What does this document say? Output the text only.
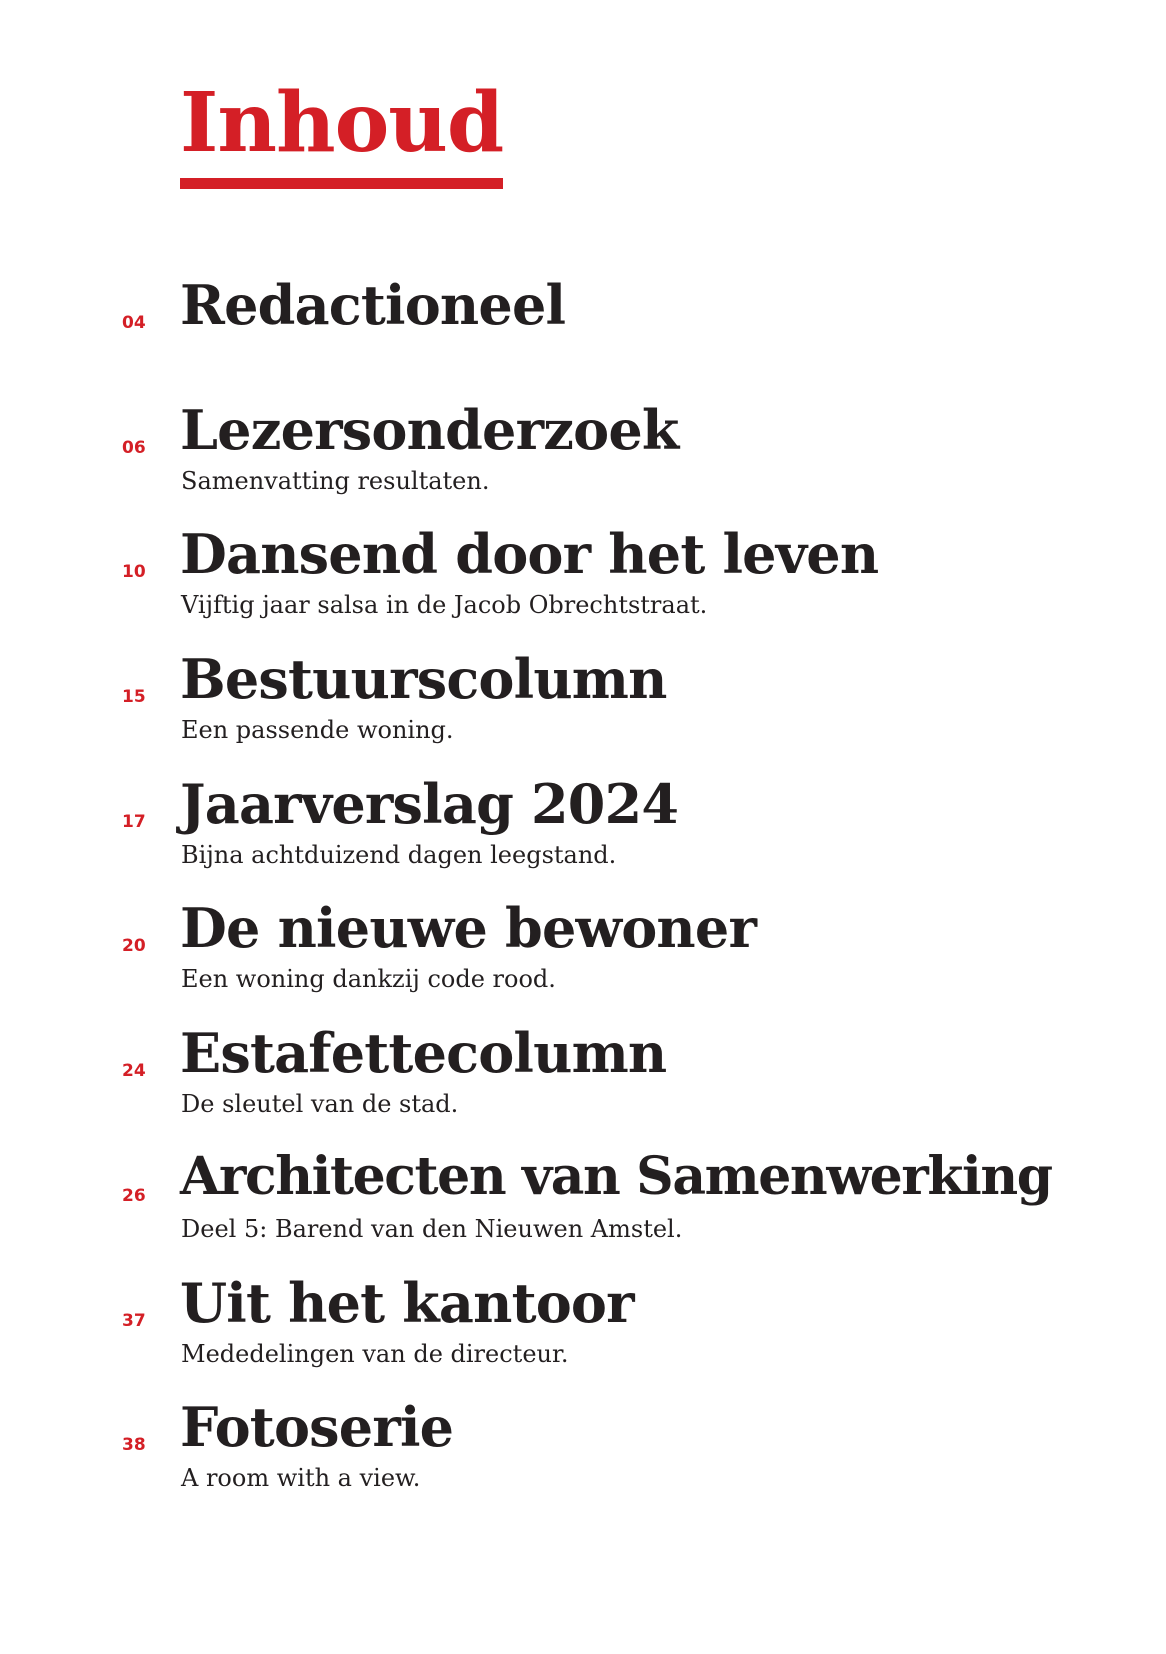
Inhoud
04 Redactioneel
06 Lezersonderzoek
Samenvatting resultaten.
10 Dansend door het leven
Vijftig jaar salsa in de Jacob Obrechtstraat.
15 Bestuurscolumn
Een passende woning.
17 Jaarverslag 2024
Bijna achtduizend dagen leegstand.
20 De nieuwe bewoner
Een woning dankzij code rood.
24 Estafettecolumn
De sleutel van de stad.
26 Architecten van Samenwerking
Deel 5: Barend van den Nieuwen Amstel.
37 Uit het kantoor
Mededelingen van de directeur.
38 Fotoserie
A room with a view.
